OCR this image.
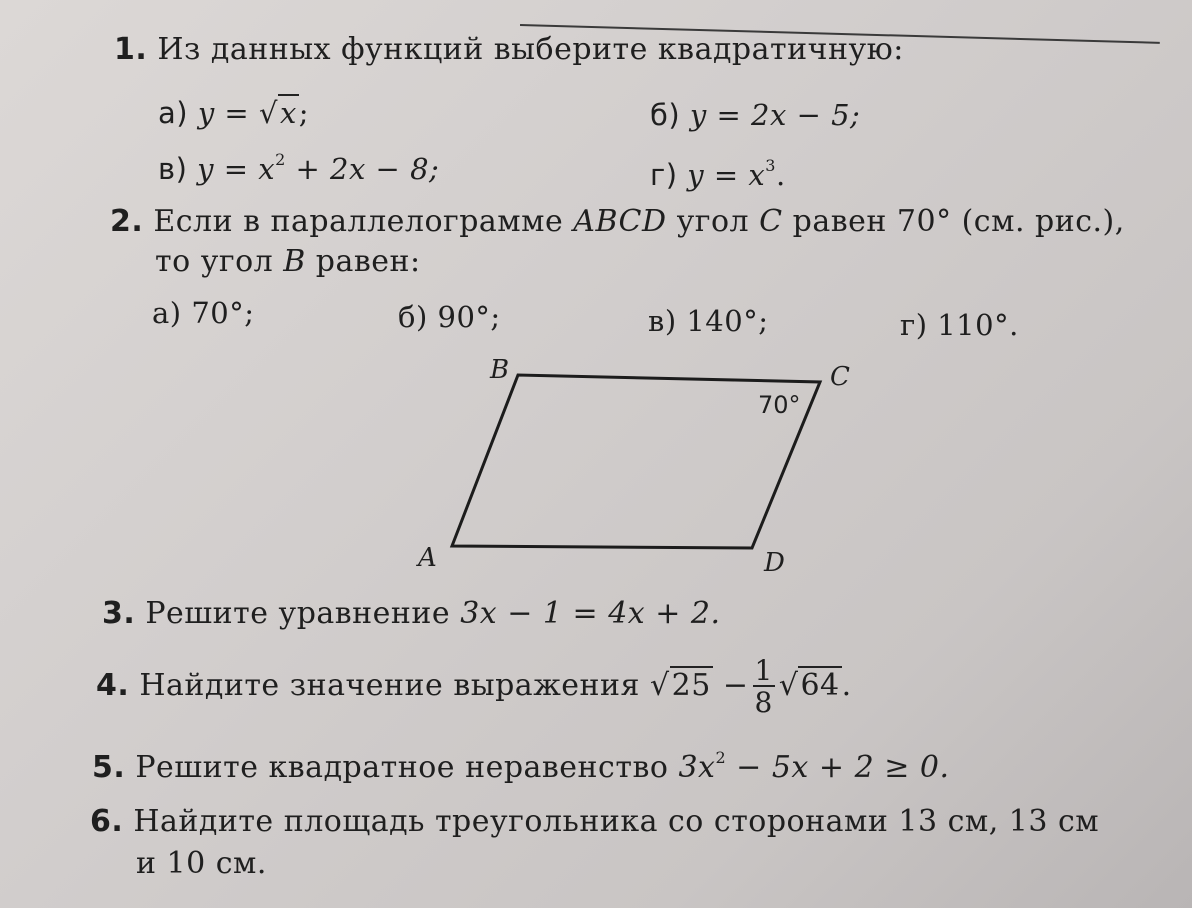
1. Из данных функций выберите квадратичную:
а) y = √x;	б) y = 2x − 5;
в) $y = x^2 + 2x - 8$;	г) $y = x^3$.
2. Если в параллелограмме ABCD угол C равен 70° (см. рис.),
то угол B равен:
а) 70°;	б) 90°;	в) 140°;	г) 110°.
B	C
A	D
70°
3. Решите уравнение 3x − 1 = 4x + 2.
4. Найдите значение выражения $√25 - \frac{1}{8} √64$.
5. Решите квадратное неравенство $3x^2 - 5x + 2 \ge 0$.
6. Найдите площадь треугольника со сторонами 13 см, 13 см
и 10 см.
